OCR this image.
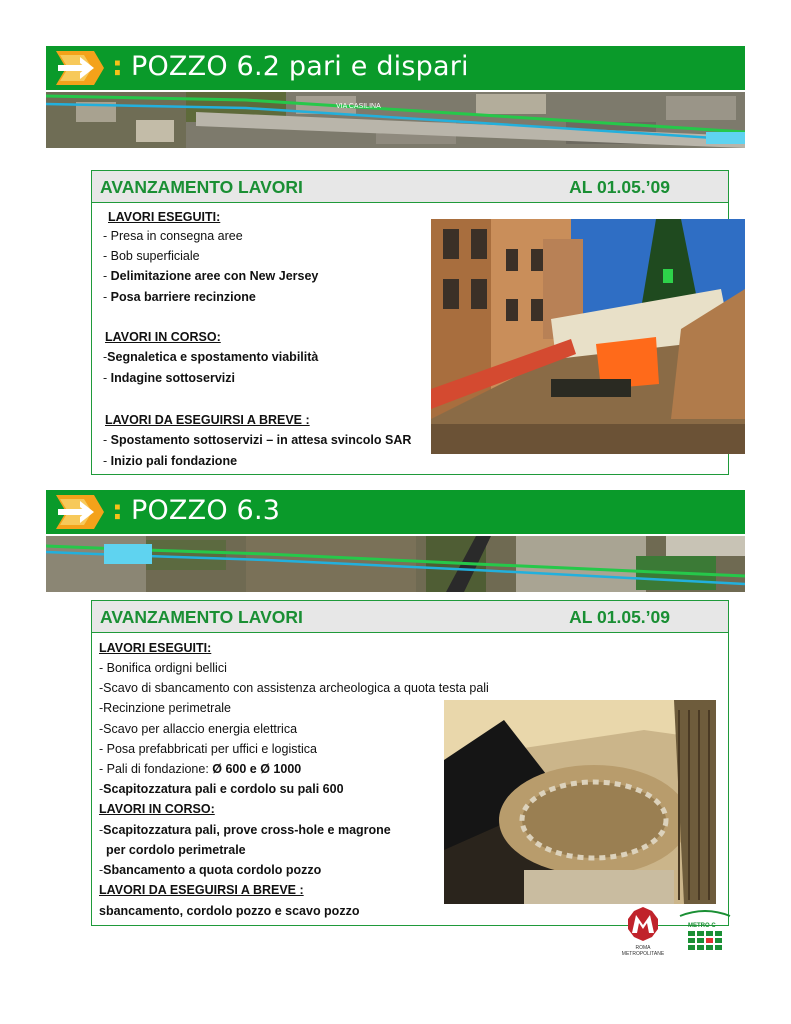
: POZZO 6.2 pari e dispari
VIA CASILINA
AVANZAMENTO LAVORI	AL 01.05.’09
LAVORI ESEGUITI:
- Presa in consegna aree
- Bob superficiale
- Delimitazione aree con New Jersey
- Posa barriere recinzione
LAVORI IN CORSO:
-Segnaletica e spostamento viabilità
- Indagine sottoservizi
LAVORI DA ESEGUIRSI A BREVE :
- Spostamento sottoservizi – in attesa svincolo SAR
- Inizio pali fondazione
: POZZO 6.3
AVANZAMENTO LAVORI	AL 01.05.’09
LAVORI ESEGUITI:
- Bonifica ordigni bellici
-Scavo di sbancamento con assistenza archeologica a quota testa pali
-Recinzione perimetrale
-Scavo per allaccio energia elettrica
- Posa prefabbricati per uffici e logistica
- Pali di fondazione: Ø 600 e Ø 1000
-Scapitozzatura pali e cordolo su pali 600
LAVORI IN CORSO:
-Scapitozzatura pali, prove cross-hole e magrone
per cordolo perimetrale
-Sbancamento a quota cordolo pozzo
LAVORI DA ESEGUIRSI A BREVE :
sbancamento, cordolo pozzo e scavo pozzo
ROMA
METROPOLITANE
METRO C
